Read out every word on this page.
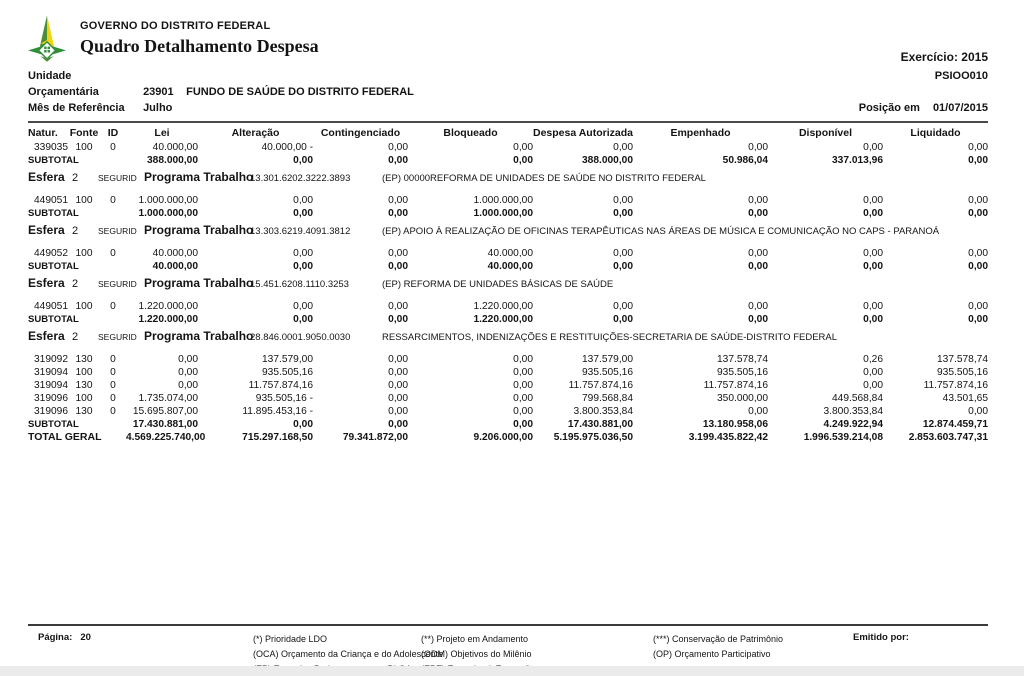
GOVERNO DO DISTRITO FEDERAL
Quadro Detalhamento Despesa
Exercício: 2015
Unidade Orçamentária	23901 FUNDO DE SAÚDE DO DISTRITO FEDERAL
PSIOO010
Mês de Referência Julho	Posição em 01/07/2015
Natur.	Fonte	ID	Lei	Alteração	Contingenciado	Bloqueado	Despesa Autorizada	Empenhado	Disponível	Liquidado
339035	100	0	40.000,00	40.000,00 -	0,00	0,00	0,00	0,00	0,00	0,00
SUBTOTAL			388.000,00	0,00	0,00	0,00	388.000,00	50.986,04	337.013,96	0,00
Esfera 2 SEGURID Programa Trabalho13.301.6202.3222.3893 (EP) 00000REFORMA DE UNIDADES DE SAÚDE NO DISTRITO FEDERAL										
449051	100	0	1.000.000,00	0,00	0,00	1.000.000,00	0,00	0,00	0,00	0,00
SUBTOTAL			1.000.000,00	0,00	0,00	1.000.000,00	0,00	0,00	0,00	0,00
Esfera 2 SEGURID Programa Trabalho13.303.6219.4091.3812 (EP) APOIO À REALIZAÇÃO DE OFICINAS TERAPÊUTICAS NAS ÁREAS DE MÚSICA E COMUNICAÇÃO NO CAPS - PARANOÁ										
449052	100	0	40.000,00	0,00	0,00	40.000,00	0,00	0,00	0,00	0,00
SUBTOTAL			40.000,00	0,00	0,00	40.000,00	0,00	0,00	0,00	0,00
Esfera 2 SEGURID Programa Trabalho15.451.6208.1110.3253 (EP) REFORMA DE UNIDADES BÁSICAS DE SAÚDE										
449051	100	0	1.220.000,00	0,00	0,00	1.220.000,00	0,00	0,00	0,00	0,00
SUBTOTAL			1.220.000,00	0,00	0,00	1.220.000,00	0,00	0,00	0,00	0,00
Esfera 2 SEGURID Programa Trabalho28.846.0001.9050.0030 RESSARCIMENTOS, INDENIZAÇÕES E RESTITUIÇÕES-SECRETARIA DE SAÚDE-DISTRITO FEDERAL										
319092	130	0	0,00	137.579,00	0,00	0,00	137.579,00	137.578,74	0,26	137.578,74
319094	100	0	0,00	935.505,16	0,00	0,00	935.505,16	935.505,16	0,00	935.505,16
319094	130	0	0,00	11.757.874,16	0,00	0,00	11.757.874,16	11.757.874,16	0,00	11.757.874,16
319096	100	0	1.735.074,00	935.505,16 -	0,00	0,00	799.568,84	350.000,00	449.568,84	43.501,65
319096	130	0	15.695.807,00	11.895.453,16 -	0,00	0,00	3.800.353,84	0,00	3.800.353,84	0,00
SUBTOTAL			17.430.881,00	0,00	0,00	0,00	17.430.881,00	13.180.958,06	4.249.922,94	12.874.459,71
TOTAL GERAL			4.569.225.740,00	715.297.168,50	79.341.872,00	9.206.000,00	5.195.975.036,50	3.199.435.822,42	1.996.539.214,08	2.853.603.747,31
Página: 20	(*) Prioridade LDO
(OCA) Orçamento da Criança e do Adolescente
(**) Projeto em Andamento
(ODM) Objetivos do Milênio
(***) Conservação de Patrimônio
(OP) Orçamento Participativo
Emitido por:
